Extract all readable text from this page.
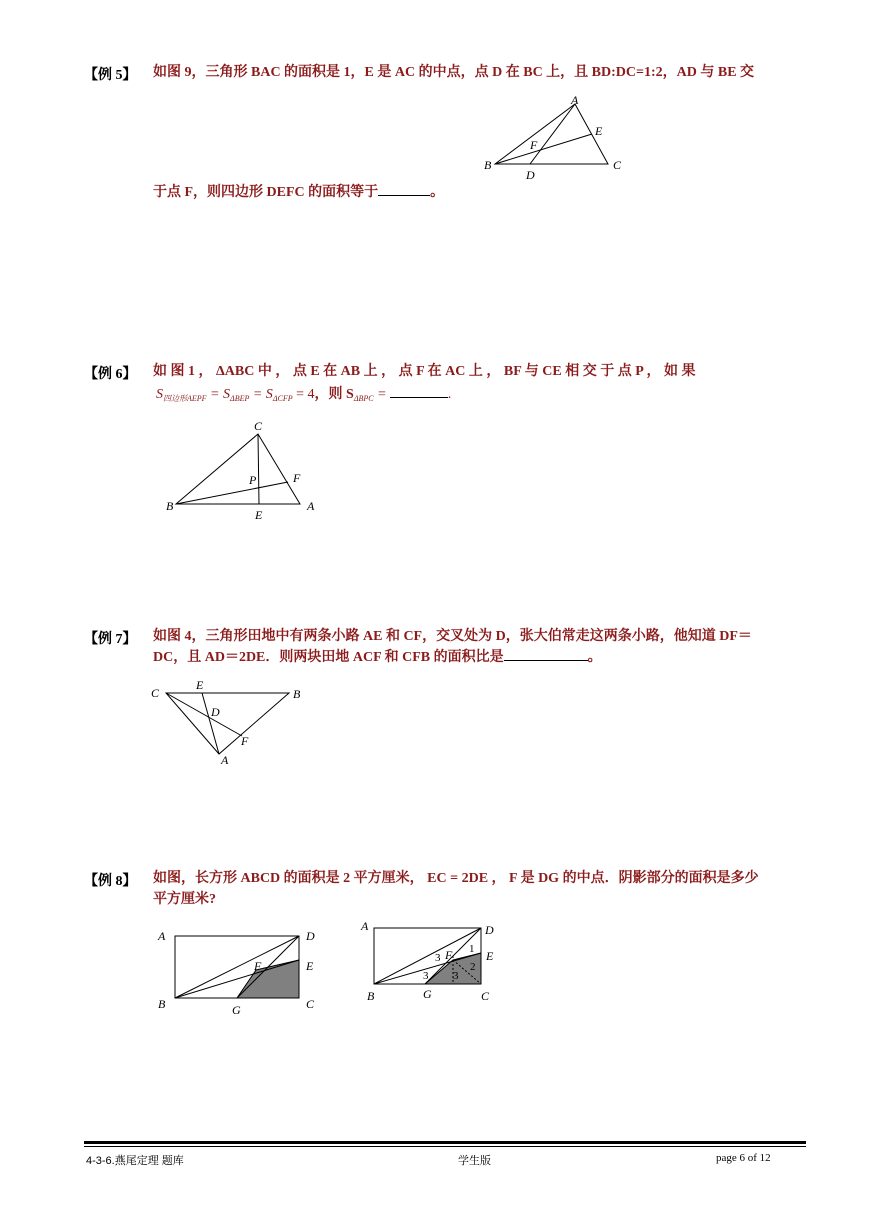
【例 5】 如图 9，三角形 BAC 的面积是 1，E 是 AC 的中点，点 D 在 BC 上，且 BD:DC=1:2，AD 与 BE 交
A
B	C
D
E
F
于点 F，则四边形 DEFC 的面积等于	。
【例 6】 如 图 1 ， ΔABC 中 ， 点 E 在 AB 上 ， 点 F 在 AC 上 ， BF 与 CE 相 交 于 点 P ， 如 果
$S_{四边形AEPF} = S_{\Delta BEP} = S_{\Delta CFP} = 4$，则 $S_{\Delta BPC}$ =	.
C
B	A
E
F
P
【例 7】 如图 4，三角形田地中有两条小路 AE 和 CF，交叉处为 D，张大伯常走这两条小路，他知道 DF＝
DC，且 AD＝2DE．则两块田地 ACF 和 CFB 的面积比是	。
C	B
E
D
F
A
【例 8】 如图，长方形 ABCD 的面积是 2 平方厘米， EC = 2DE ， F 是 DG 的中点．阴影部分的面积是多少
平方厘米?
A	D
E
F
B	G	C
A	D
E
F
B	G	C
1
2
3
3 3
4-3-6.燕尾定理 题库	学生版	page 6 of 12
